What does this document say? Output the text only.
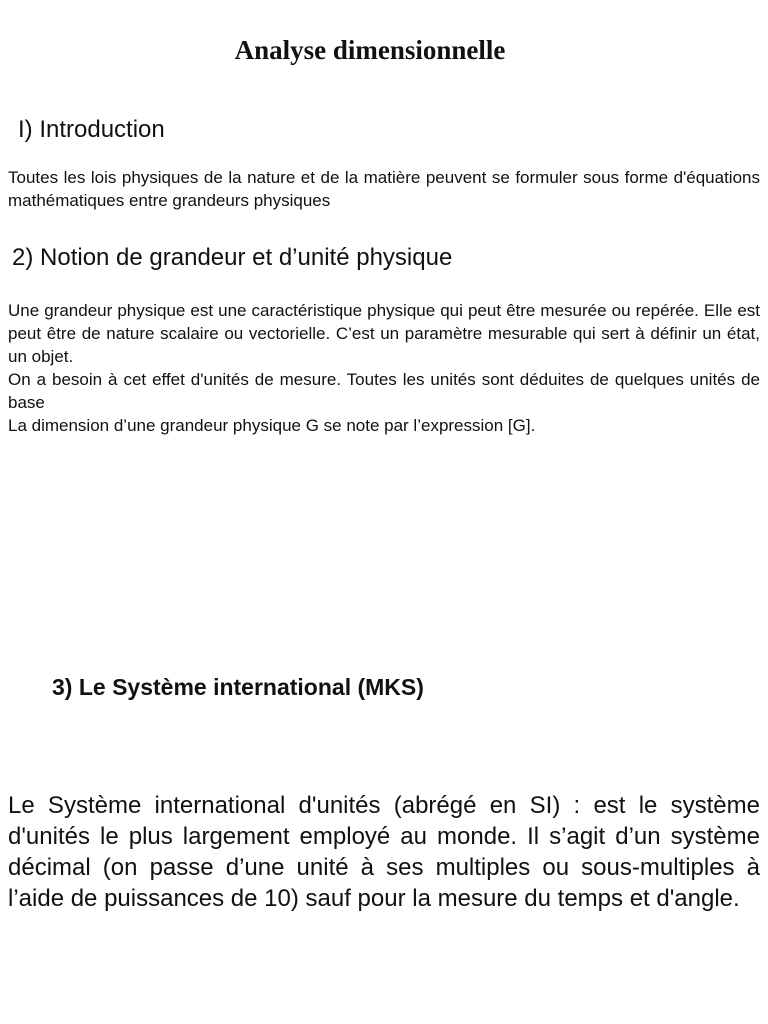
Analyse dimensionnelle
I) Introduction

Toutes les lois physiques de la nature et de la matière peuvent se formuler sous forme d'équations mathématiques entre grandeurs physiques

2) Notion de grandeur et d’unité physique

Une grandeur physique est une caractéristique physique qui peut être mesurée ou repérée. Elle est peut être de nature scalaire ou vectorielle. C’est un paramètre mesurable qui sert à définir un état, un objet.

On a besoin à cet effet d'unités de mesure. Toutes les unités sont déduites de quelques unités de base

La dimension d’une grandeur physique G se note par l’expression [G].

3) Le Système international (MKS)

Le Système international d'unités (abrégé en SI) : est le système d'unités le plus largement employé au monde. Il s’agit d’un système décimal (on passe d’une unité à ses multiples ou sous-multiples à l’aide de puissances de 10) sauf pour la mesure du temps et d'angle.
